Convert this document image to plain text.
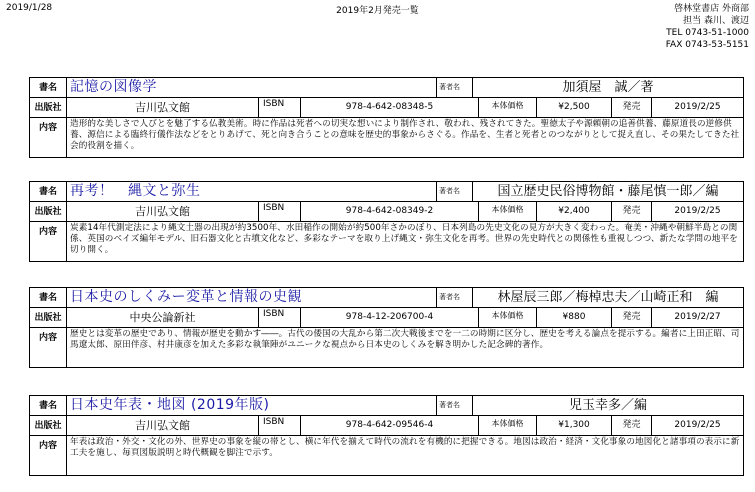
2019/1/28	2019年2月発売一覧	啓林堂書店 外商部
担当 森川、渡辺
TEL 0743-51-1000
FAX 0743-53-5151
書名 記憶の図像学	著者名	加須屋　誠／著
出版社	吉川弘文館	ISBN	978-4-642-08348-5	本体価格	¥2,500	発売	2019/2/25
内容	造形的な美しさで人びとを魅了する仏教美術。時に作品は死者への切実な想いにより制作され、敬われ、残されてきた。聖徳太子や源頼朝の追善供養、藤原道長の逆修供養、源信による臨終行儀作法などをとりあげて、死と向き合うことの意味を歴史的事象からさぐる。作品を、生者と死者とのつながりとして捉え直し、その果たしてきた社会的役割を描く。
書名 再考！　縄文と弥生	著者名	国立歴史民俗博物館・藤尾慎一郎／編
出版社	吉川弘文館	ISBN	978-4-642-08349-2	本体価格	¥2,400	発売	2019/2/25
内容	炭素14年代測定法により縄文土器の出現が約3500年、水田稲作の開始が約500年さかのぼり、日本列島の先史文化の見方が大きく変わった。奄美・沖縄や朝鮮半島との関係、英国のベイズ編年モデル、旧石器文化と古墳文化など、多彩なテーマを取り上げ縄文・弥生文化を再考。世界の先史時代との関係性も重視しつつ、新たな学問の地平を切り開く。
書名 日本史のしくみー変革と情報の史観	著者名	林屋辰三郎／梅棹忠夫／山崎正和　編
出版社	中央公論新社	ISBN	978-4-12-206700-4	本体価格	¥880	発売	2019/2/27
内容	歴史とは変革の歴史であり、情報が歴史を動かす――。古代の倭国の大乱から第二次大戦後までを一二の時期に区分し、歴史を考える論点を提示する。編者に上田正昭、司馬遼太郎、原田伴彦、村井康彦を加えた多彩な執筆陣がユニークな視点から日本史のしくみを解き明かした記念碑的著作。
書名 日本史年表・地図 (2019年版)	著者名	児玉幸多／編
出版社	吉川弘文館	ISBN	978-4-642-09546-4	本体価格	¥1,300	発売	2019/2/25
内容	年表は政治・外交・文化の外、世界史の事象を縦の帯とし、横に年代を揃えて時代の流れを有機的に把握できる。地図は政治・経済・文化事象の地図化と諸事項の表示に新工夫を施し、毎頁図版説明と時代概観を脚注で示す。
